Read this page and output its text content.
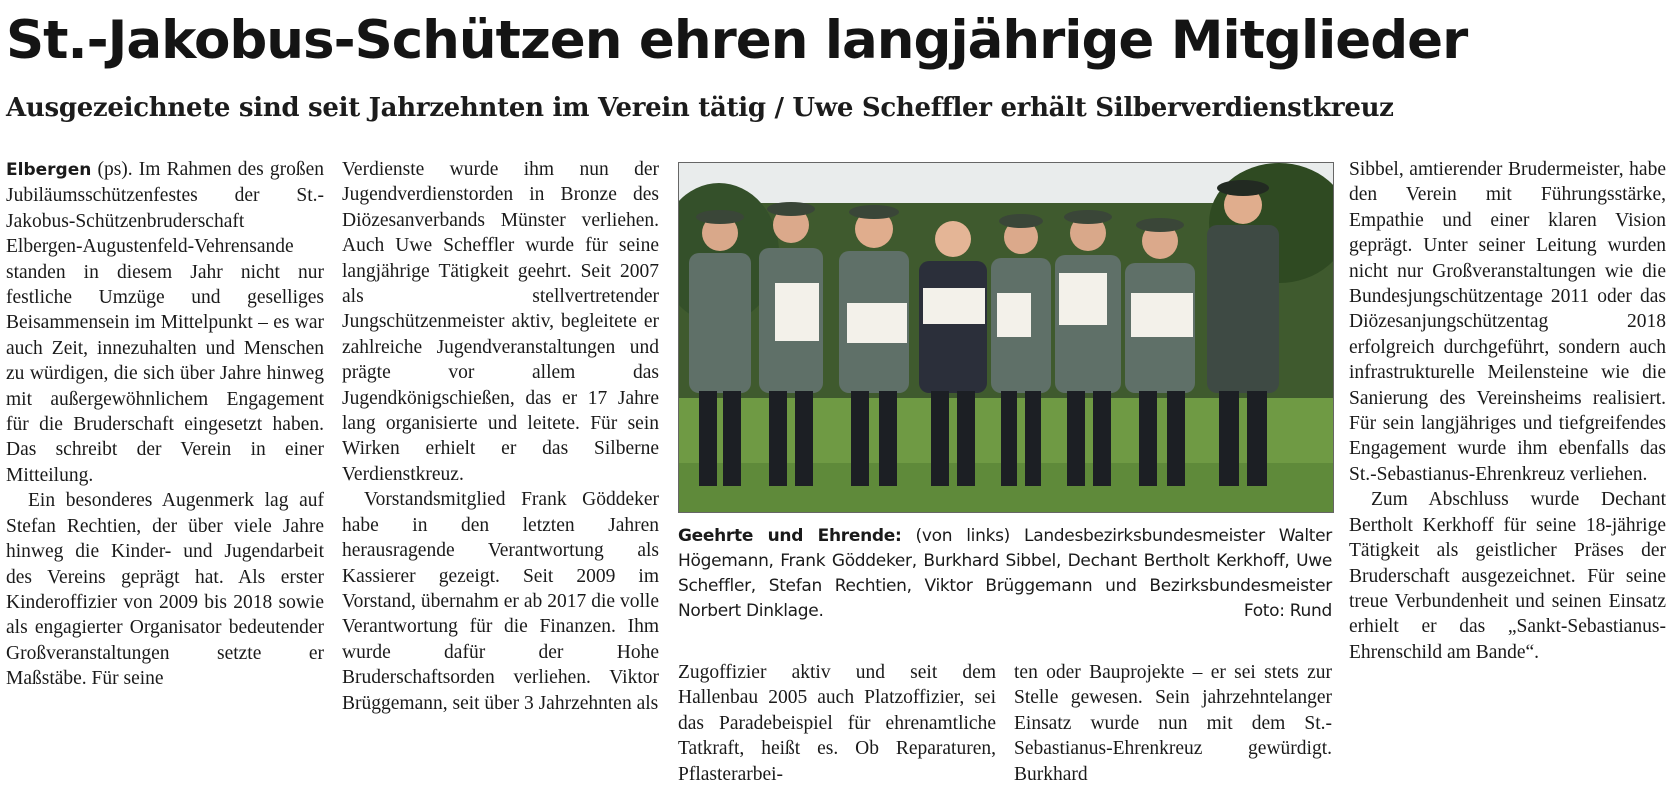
St.-Jakobus-Schützen ehren langjährige Mitglieder
Ausgezeichnete sind seit Jahrzehnten im Verein tätig / Uwe Scheffler erhält Silberverdienstkreuz

Elbergen (ps). Im Rahmen des großen Jubiläumsschützenfestes der St.-Jakobus-Schützenbruderschaft Elbergen-Augustenfeld-Vehrensande standen in diesem Jahr nicht nur festliche Umzüge und geselliges Beisammensein im Mittelpunkt – es war auch Zeit, innezuhalten und Menschen zu würdigen, die sich über Jahre hinweg mit außergewöhnlichem Engagement für die Bruderschaft eingesetzt haben. Das schreibt der Verein in einer Mitteilung.

Ein besonderes Augenmerk lag auf Stefan Rechtien, der über viele Jahre hinweg die Kinder- und Jugendarbeit des Vereins geprägt hat. Als erster Kinderoffizier von 2009 bis 2018 sowie als engagierter Organisator bedeutender Großveranstaltungen setzte er Maßstäbe. Für seine

Verdienste wurde ihm nun der Jugendverdienstorden in Bronze des Diözesanverbands Münster verliehen. Auch Uwe Scheffler wurde für seine langjährige Tätigkeit geehrt. Seit 2007 als stellvertretender Jungschützenmeister aktiv, begleitete er zahlreiche Jugendveranstaltungen und prägte vor allem das Jugendkönigschießen, das er 17 Jahre lang organisierte und leitete. Für sein Wirken erhielt er das Silberne Verdienstkreuz.

Vorstandsmitglied Frank Göddeker habe in den letzten Jahren herausragende Verantwortung als Kassierer gezeigt. Seit 2009 im Vorstand, übernahm er ab 2017 die volle Verantwortung für die Finanzen. Ihm wurde dafür der Hohe Bruderschaftsorden verliehen. Viktor Brüggemann, seit über 3 Jahrzehnten als

Geehrte und Ehrende: (von links) Landesbezirksbundesmeister Walter Högemann, Frank Göddeker, Burkhard Sibbel, Dechant Bertholt Kerkhoff, Uwe Scheffler, Stefan Rechtien, Viktor Brüggemann und Bezirksbundesmeister Norbert Dinklage.	Foto: Rund

Zugoffizier aktiv und seit dem Hallenbau 2005 auch Platzoffizier, sei das Paradebeispiel für ehrenamtliche Tatkraft, heißt es. Ob Reparaturen, Pflasterarbei-

ten oder Bauprojekte – er sei stets zur Stelle gewesen. Sein jahrzehntelanger Einsatz wurde nun mit dem St.-Sebastianus-Ehrenkreuz gewürdigt. Burkhard

Sibbel, amtierender Brudermeister, habe den Verein mit Führungsstärke, Empathie und einer klaren Vision geprägt. Unter seiner Leitung wurden nicht nur Großveranstaltungen wie die Bundesjungschützentage 2011 oder das Diözesanjungschützentag 2018 erfolgreich durchgeführt, sondern auch infrastrukturelle Meilensteine wie die Sanierung des Vereinsheims realisiert. Für sein langjähriges und tiefgreifendes Engagement wurde ihm ebenfalls das St.-Sebastianus-Ehrenkreuz verliehen.

Zum Abschluss wurde Dechant Bertholt Kerkhoff für seine 18-jährige Tätigkeit als geistlicher Präses der Bruderschaft ausgezeichnet. Für seine treue Verbundenheit und seinen Einsatz erhielt er das „Sankt-Sebastianus-Ehrenschild am Bande“.
